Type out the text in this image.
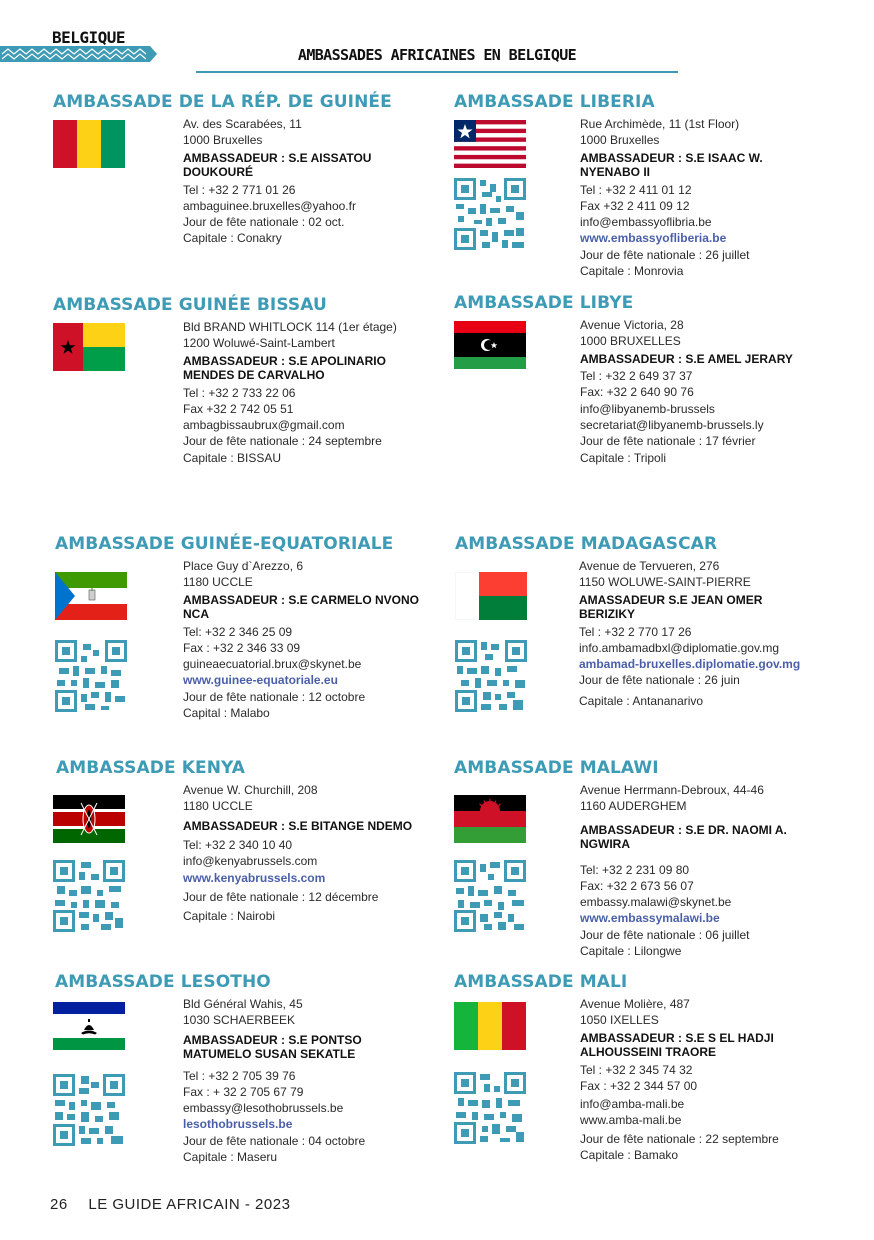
BELGIQUE
AMBASSADES AFRICAINES EN BELGIQUE
AMBASSADE DE LA RÉP. DE GUINÉE
Av. des Scarabées, 11
1000 Bruxelles
AMBASSADEUR : S.E AISSATOU DOUKOURÉ
Tel : +32 2 771 01 26
ambaguinee.bruxelles@yahoo.fr
Jour de fête nationale : 02 oct.
Capitale : Conakry
AMBASSADE LIBERIA
Rue Archimède, 11 (1st Floor)
1000 Bruxelles
AMBASSADEUR : S.E ISAAC W. NYENABO II
Tel : +32 2 411 01 12
Fax +32 2 411 09 12
info@embassyoflibria.be
www.embassyofliberia.be
Jour de fête nationale : 26 juillet
Capitale : Monrovia
AMBASSADE GUINÉE BISSAU
Bld BRAND WHITLOCK 114 (1er étage)
1200 Woluwé-Saint-Lambert
AMBASSADEUR : S.E APOLINARIO MENDES DE CARVALHO
Tel : +32 2 733 22 06
Fax +32 2 742 05 51
ambagbissaubrux@gmail.com
Jour de fête nationale : 24 septembre
Capitale : BISSAU
AMBASSADE LIBYE
Avenue Victoria, 28
1000 BRUXELLES
AMBASSADEUR : S.E AMEL JERARY
Tel : +32 2 649 37 37
Fax: +32 2 640 90 76
info@libyanemb-brussels
secretariat@libyanemb-brussels.ly
Jour de fête nationale : 17 février
Capitale : Tripoli
AMBASSADE GUINÉE-EQUATORIALE
Place Guy d`Arezzo, 6
1180 UCCLE
AMBASSADEUR : S.E CARMELO NVONO NCA
Tel: +32 2 346 25 09
Fax : +32 2 346 33 09
guineaecuatorial.brux@skynet.be
www.guinee-equatoriale.eu
Jour de fête nationale : 12 octobre
Capital : Malabo
AMBASSADE MADAGASCAR
Avenue de Tervueren, 276
1150 WOLUWE-SAINT-PIERRE
AMASSADEUR S.E JEAN OMER BERIZIKY
Tel : +32 2 770 17 26
info.ambamadbxl@diplomatie.gov.mg
ambamad-bruxelles.diplomatie.gov.mg
Jour de fête nationale : 26 juin
Capitale : Antananarivo
AMBASSADE KENYA
Avenue W. Churchill, 208
1180 UCCLE
AMBASSADEUR : S.E BITANGE NDEMO
Tel: +32 2 340 10 40
info@kenyabrussels.com
www.kenyabrussels.com
Jour de fête nationale : 12 décembre
Capitale : Nairobi
AMBASSADE MALAWI
Avenue Herrmann-Debroux, 44-46
1160 AUDERGHEM
AMBASSADEUR : S.E DR. NAOMI A. NGWIRA
Tel: +32 2 231 09 80
Fax: +32 2 673 56 07
embassy.malawi@skynet.be
www.embassymalawi.be
Jour de fête nationale : 06 juillet
Capitale : Lilongwe
AMBASSADE LESOTHO
Bld Général Wahis, 45
1030 SCHAERBEEK
AMBASSADEUR : S.E PONTSO MATUMELO SUSAN SEKATLE
Tel : +32 2 705 39 76
Fax : + 32 2 705 67 79
embassy@lesothobrussels.be
lesothobrussels.be
Jour de fête nationale : 04 octobre
Capitale : Maseru
AMBASSADE MALI
Avenue Molière, 487
1050 IXELLES
AMBASSADEUR : S.E S EL HADJI ALHOUSSEINI TRAORE
Tel : +32 2 345 74 32
Fax : +32 2 344 57 00
info@amba-mali.be
www.amba-mali.be
Jour de fête nationale : 22 septembre
Capitale : Bamako
26 LE GUIDE AFRICAIN - 2023
